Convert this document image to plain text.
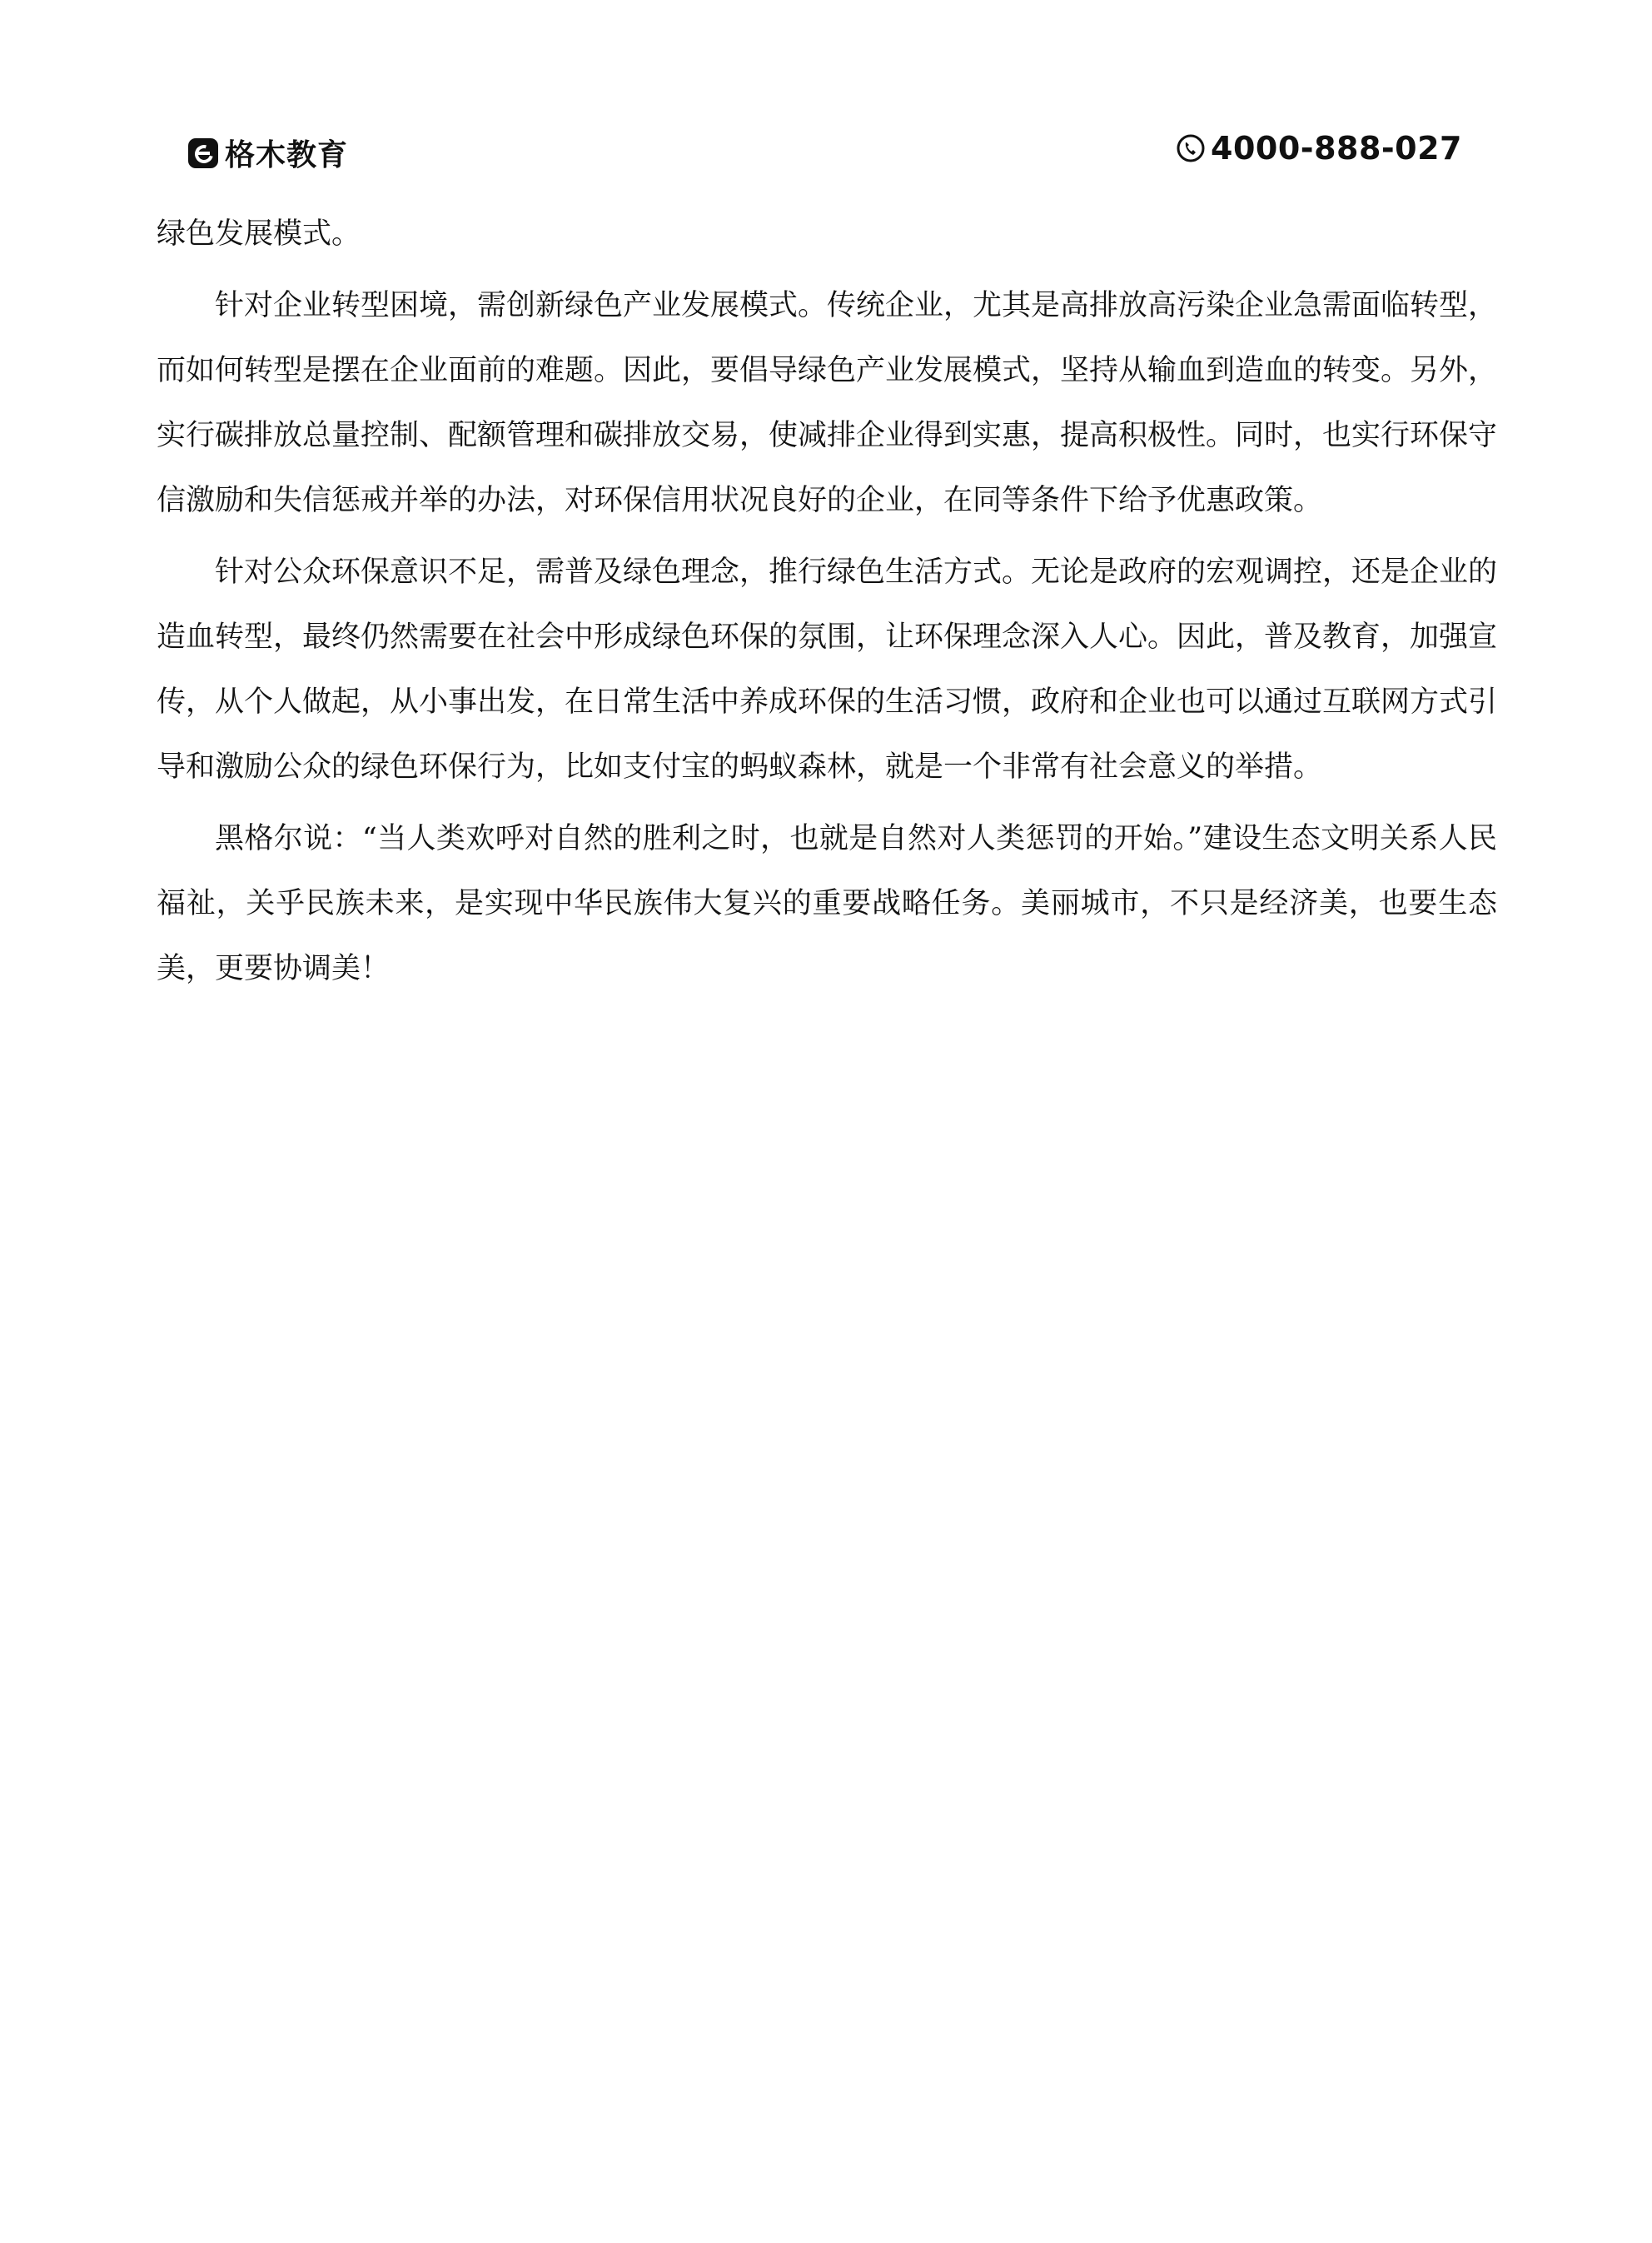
格木教育	4000-888-027

绿色发展模式。

针对企业转型困境，需创新绿色产业发展模式。传统企业，尤其是高排放高污染企业急需面临转型，而如何转型是摆在企业面前的难题。因此，要倡导绿色产业发展模式，坚持从输血到造血的转变。另外，实行碳排放总量控制、配额管理和碳排放交易，使减排企业得到实惠，提高积极性。同时，也实行环保守信激励和失信惩戒并举的办法，对环保信用状况良好的企业，在同等条件下给予优惠政策。

针对公众环保意识不足，需普及绿色理念，推行绿色生活方式。无论是政府的宏观调控，还是企业的造血转型，最终仍然需要在社会中形成绿色环保的氛围，让环保理念深入人心。因此，普及教育，加强宣传，从个人做起，从小事出发，在日常生活中养成环保的生活习惯，政府和企业也可以通过互联网方式引导和激励公众的绿色环保行为，比如支付宝的蚂蚁森林，就是一个非常有社会意义的举措。

黑格尔说：“当人类欢呼对自然的胜利之时，也就是自然对人类惩罚的开始。”建设生态文明关系人民福祉，关乎民族未来，是实现中华民族伟大复兴的重要战略任务。美丽城市，不只是经济美，也要生态美，更要协调美！
